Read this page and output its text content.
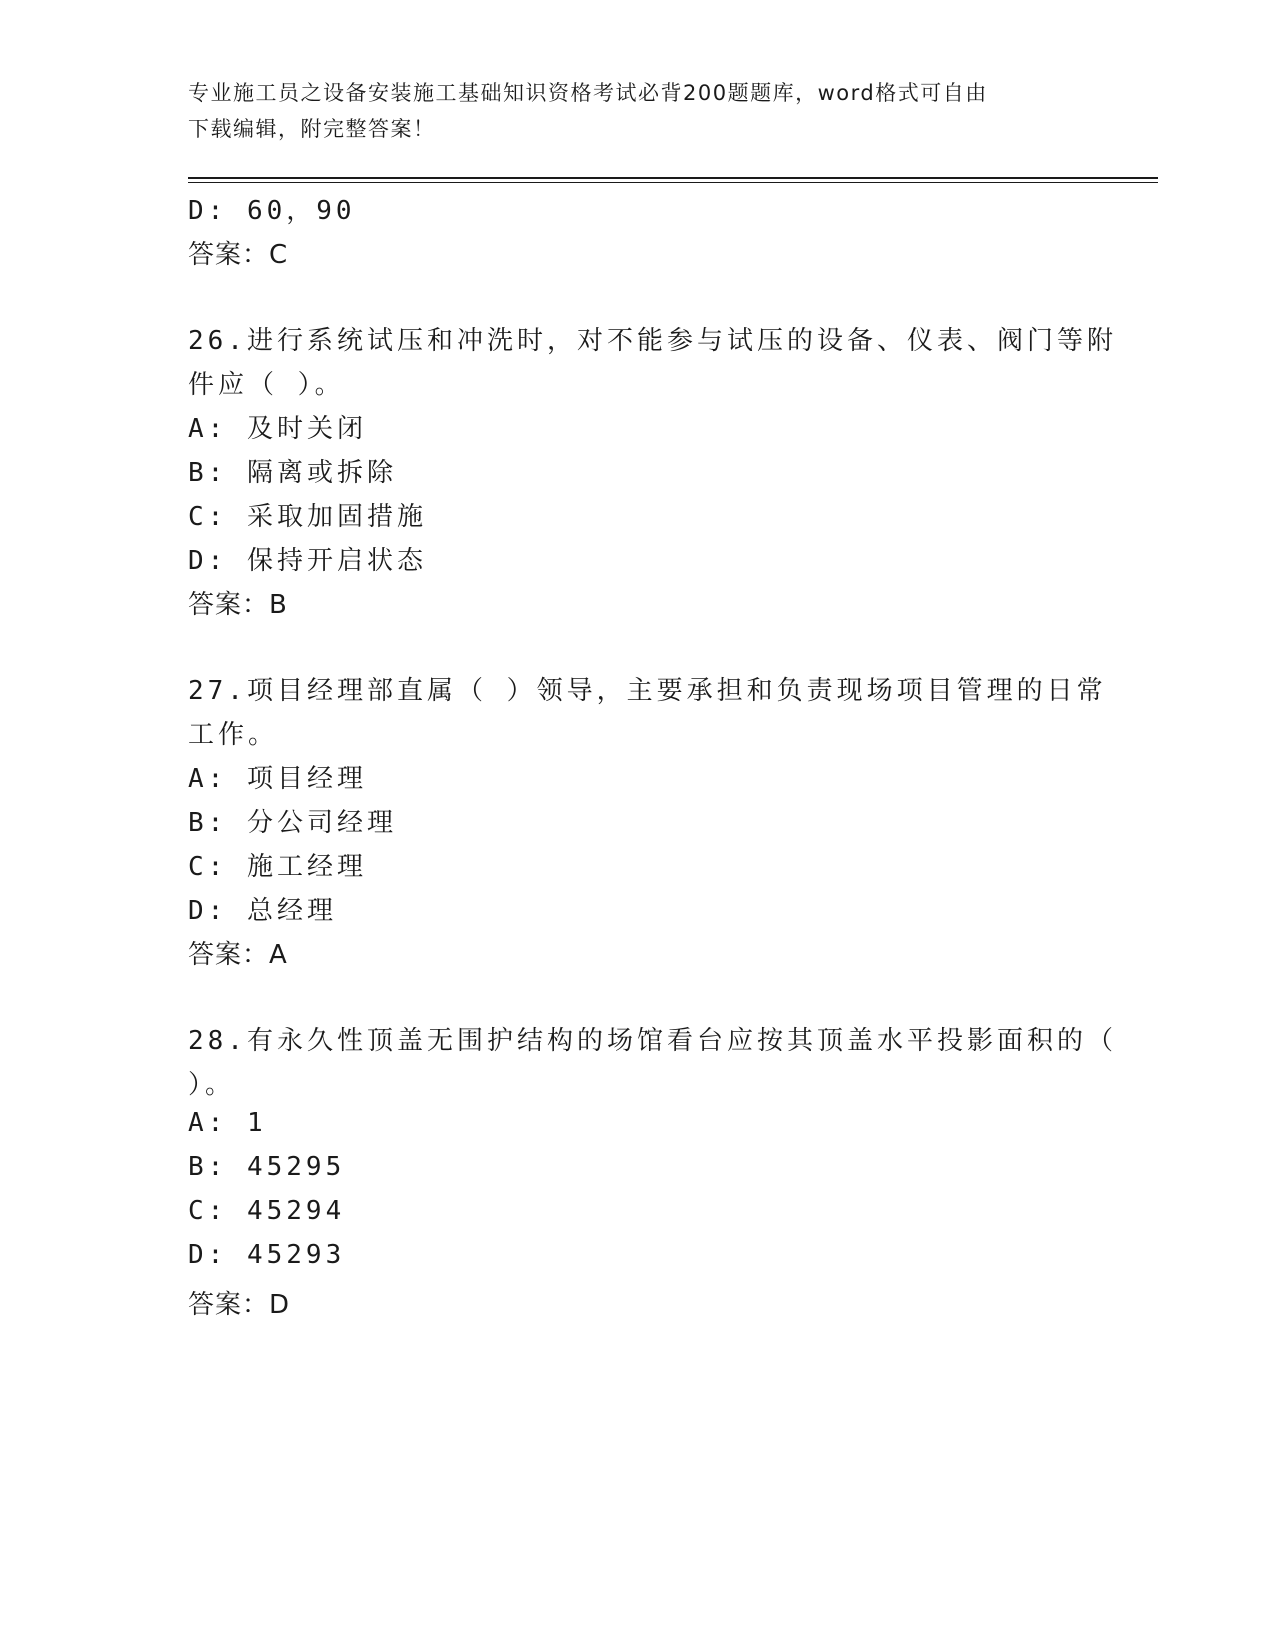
专业施工员之设备安装施工基础知识资格考试必背200题题库，word格式可自由
下载编辑，附完整答案！
D: 60，90
答案：C
26.进行系统试压和冲洗时，对不能参与试压的设备、仪表、阀门等附
件应（ ）。
A: 及时关闭
B: 隔离或拆除
C: 采取加固措施
D: 保持开启状态
答案：B
27.项目经理部直属（ ）领导，主要承担和负责现场项目管理的日常
工作。
A: 项目经理
B: 分公司经理
C: 施工经理
D: 总经理
答案：A
28.有永久性顶盖无围护结构的场馆看台应按其顶盖水平投影面积的（
）。
A: 1
B: 45295
C: 45294
D: 45293
答案：D
